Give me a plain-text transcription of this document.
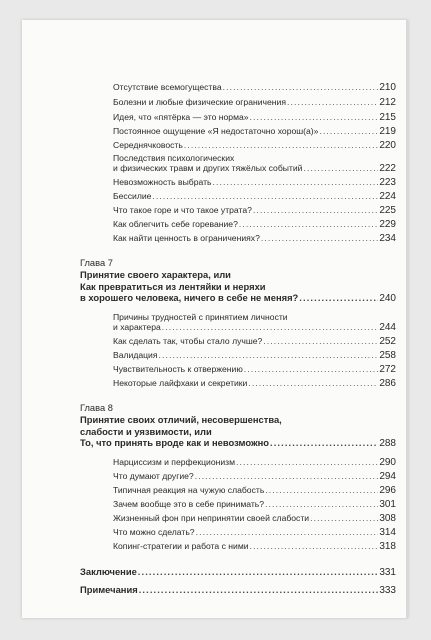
Отсутствие всемогущества .....	210
Болезни и любые физические ограничения .....	212
Идея, что «пятёрка — это норма» .....	215
Постоянное ощущение «Я недостаточно хорош(а)» .....	219
Середнячковость .....	220
Последствия психологических
и физических травм и других тяжёлых событий .....	222
Невозможность выбрать .....	223
Бессилие .....	224
Что такое горе и что такое утрата? .....	225
Как облегчить себе горевание? .....	229
Как найти ценность в ограничениях? .....	234
Глава 7
Принятие своего характера, или
Как превратиться из лентяйки и неряхи
в хорошего человека, ничего в себе не меняя? .....	240
Причины трудностей с принятием личности
и характера .....	244
Как сделать так, чтобы стало лучше? .....	252
Валидация .....	258
Чувствительность к отвержению .....	272
Некоторые лайфхаки и секретики .....	286
Глава 8
Принятие своих отличий, несовершенства,
слабости и уязвимости, или
То, что принять вроде как и невозможно .....	288
Нарциссизм и перфекционизм .....	290
Что думают другие? .....	294
Типичная реакция на чужую слабость .....	296
Зачем вообще это в себе принимать? .....	301
Жизненный фон при непринятии своей слабости .....	308
Что можно сделать? .....	314
Копинг-стратегии и работа с ними .....	318
Заключение .....	331
Примечания .....	333
